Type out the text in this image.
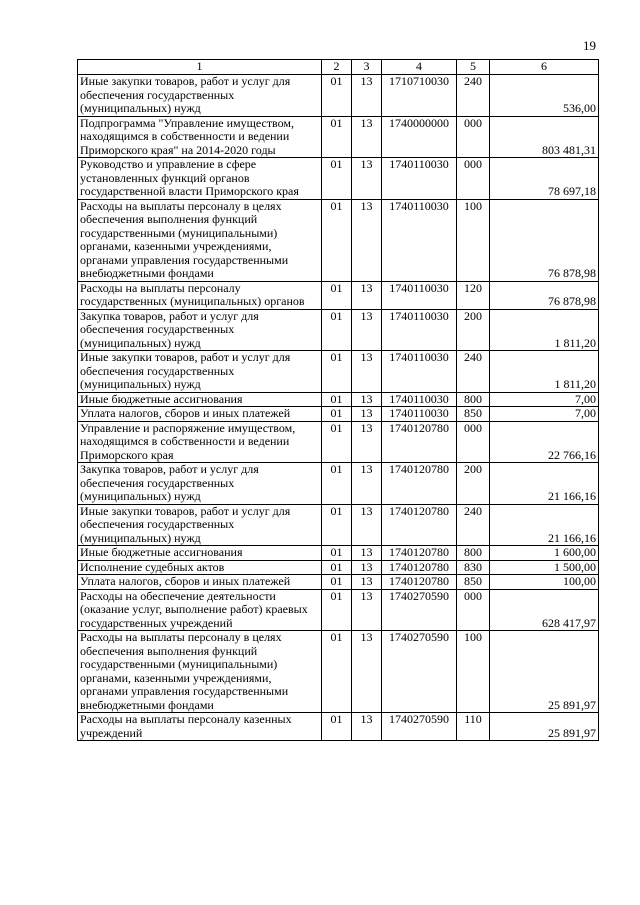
19
1	2	3	4	5	6
Иные закупки товаров, работ и услуг для обеспечения государственных (муниципальных) нужд	01	13	1710710030	240	536,00
Подпрограмма "Управление имуществом, находящимся в собственности и ведении Приморского края" на 2014-2020 годы	01	13	1740000000	000	803 481,31
Руководство и управление в сфере установленных функций органов государственной власти Приморского края	01	13	1740110030	000	78 697,18
Расходы на выплаты персоналу в целях обеспечения выполнения функций государственными (муниципальными) органами, казенными учреждениями, органами управления государственными внебюджетными фондами	01	13	1740110030	100	76 878,98
Расходы на выплаты персоналу государственных (муниципальных) органов	01	13	1740110030	120	76 878,98
Закупка товаров, работ и услуг для обеспечения государственных (муниципальных) нужд	01	13	1740110030	200	1 811,20
Иные закупки товаров, работ и услуг для обеспечения государственных (муниципальных) нужд	01	13	1740110030	240	1 811,20
Иные бюджетные ассигнования	01	13	1740110030	800	7,00
Уплата налогов, сборов и иных платежей	01	13	1740110030	850	7,00
Управление и распоряжение имуществом, находящимся в собственности и ведении Приморского края	01	13	1740120780	000	22 766,16
Закупка товаров, работ и услуг для обеспечения государственных (муниципальных) нужд	01	13	1740120780	200	21 166,16
Иные закупки товаров, работ и услуг для обеспечения государственных (муниципальных) нужд	01	13	1740120780	240	21 166,16
Иные бюджетные ассигнования	01	13	1740120780	800	1 600,00
Исполнение судебных актов	01	13	1740120780	830	1 500,00
Уплата налогов, сборов и иных платежей	01	13	1740120780	850	100,00
Расходы на обеспечение деятельности (оказание услуг, выполнение работ) краевых государственных учреждений	01	13	1740270590	000	628 417,97
Расходы на выплаты персоналу в целях обеспечения выполнения функций государственными (муниципальными) органами, казенными учреждениями, органами управления государственными внебюджетными фондами	01	13	1740270590	100	25 891,97
Расходы на выплаты персоналу казенных учреждений	01	13	1740270590	110	25 891,97
